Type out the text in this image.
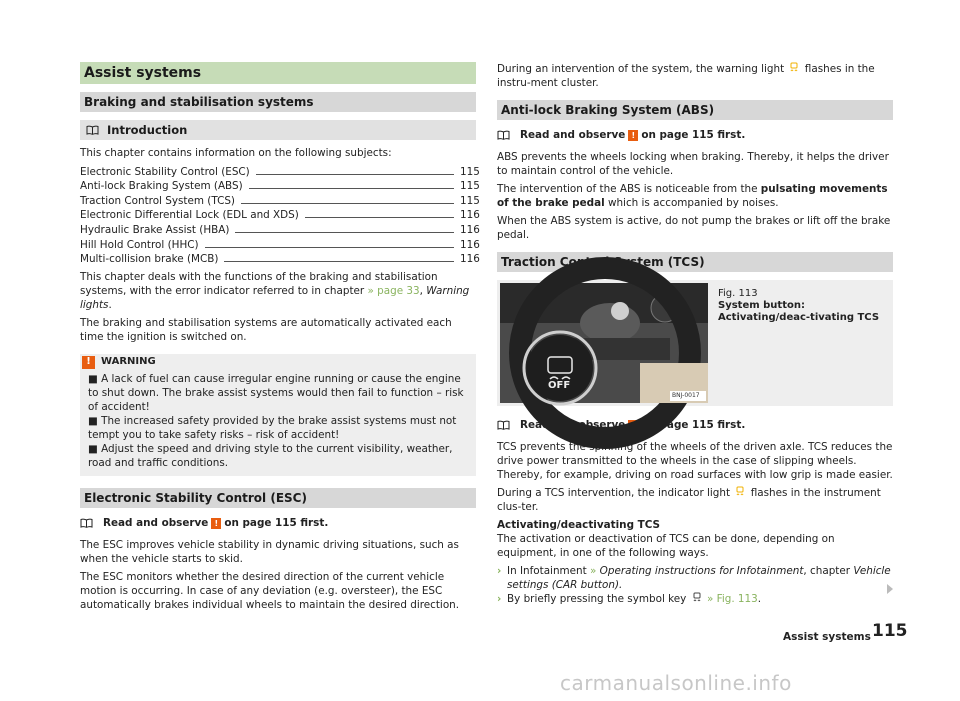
Assist systems
Braking and stabilisation systems
Introduction

This chapter contains information on the following subjects:

Electronic Stability Control (ESC)	115
Anti-lock Braking System (ABS)	115
Traction Control System (TCS)	115
Electronic Differential Lock (EDL and XDS)	116
Hydraulic Brake Assist (HBA)	116
Hill Hold Control (HHC)	116
Multi-collision brake (MCB)	116

This chapter deals with the functions of the braking and stabilisation systems, with the error indicator referred to in chapter » page 33, Warning lights.

The braking and stabilisation systems are automatically activated each time the ignition is switched on.

!	WARNING
■ A lack of fuel can cause irregular engine running or cause the engine to shut down. The brake assist systems would then fail to function – risk of accident!
■ The increased safety provided by the brake assist systems must not tempt you to take safety risks – risk of accident!
■ Adjust the speed and driving style to the current visibility, weather, road and traffic conditions.
Electronic Stability Control (ESC)
Read and observe ! on page 115 first.

The ESC improves vehicle stability in dynamic driving situations, such as when the vehicle starts to skid.

The ESC monitors whether the desired direction of the current vehicle motion is occurring. In case of any deviation (e.g. oversteer), the ESC automatically brakes individual wheels to maintain the desired direction.

During an intervention of the system, the warning light flashes in the instru-ment cluster.

Anti-lock Braking System (ABS)
Read and observe ! on page 115 first.

ABS prevents the wheels locking when braking. Thereby, it helps the driver to maintain control of the vehicle.

The intervention of the ABS is noticeable from the pulsating movements of the brake pedal which is accompanied by noises.

When the ABS system is active, do not pump the brakes or lift off the brake pedal.

Traction Control System (TCS)
OFF
BNJ-0017
Fig. 113
System button: Activating/deac-tivating TCS
Read and observe ! on page 115 first.

TCS prevents the spinning of the wheels of the driven axle. TCS reduces the drive power transmitted to the wheels in the case of slipping wheels. Thereby, for example, driving on road surfaces with low grip is made easier.

During a TCS intervention, the indicator light flashes in the instrument clus-ter.

Activating/deactivating TCS

The activation or deactivation of TCS can be done, depending on equipment, in one of the following ways.

› In Infotainment » Operating instructions for Infotainment, chapter Vehicle settings (CAR button).
› By briefly pressing the symbol key » Fig. 113.
Assist systems 115
carmanualsonline.info
